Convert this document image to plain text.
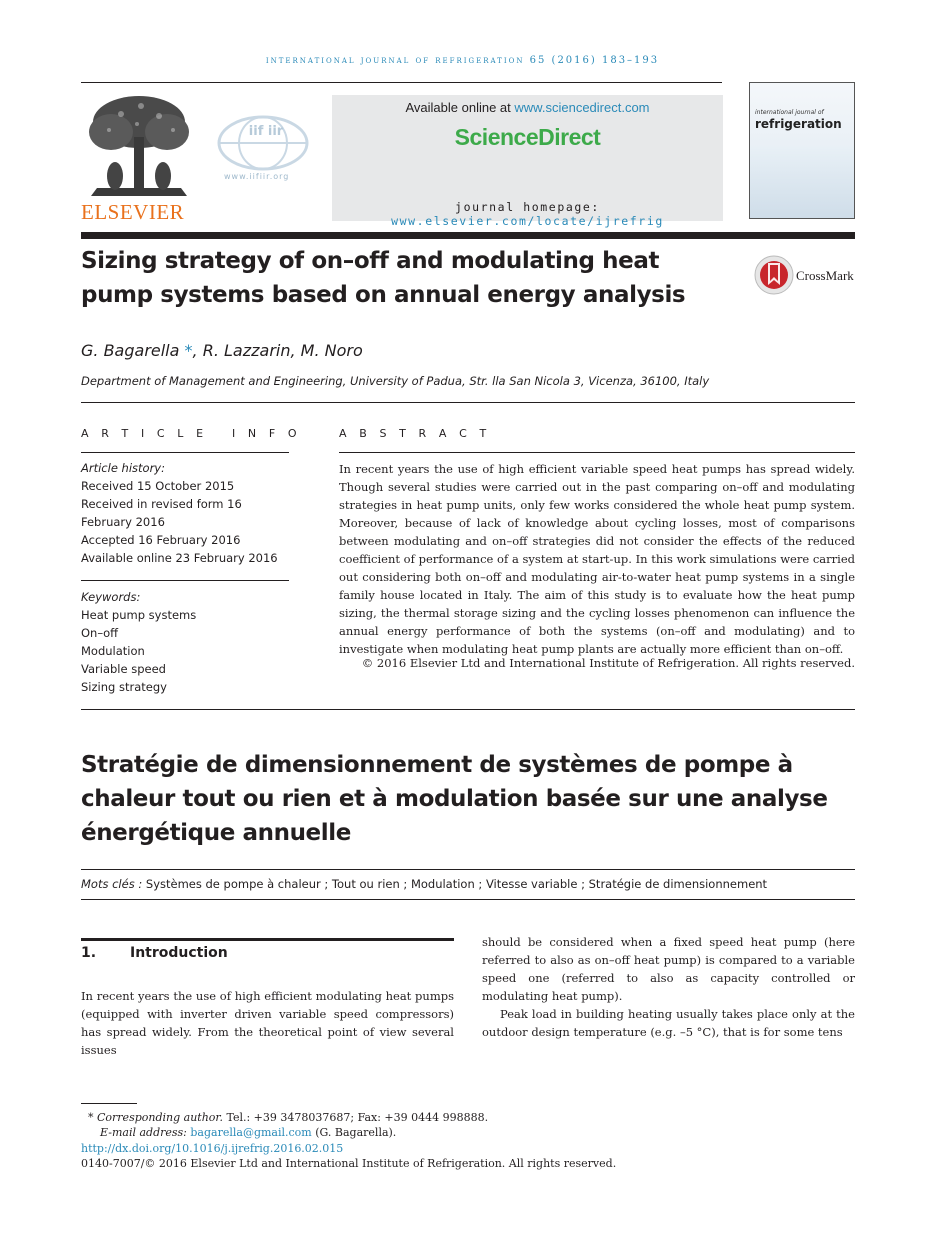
international journal of refrigeration 65 (2016) 183–193
ELSEVIER
iif iir
www.iifiir.org
Available online at www.sciencedirect.com
ScienceDirect
journal homepage: www.elsevier.com/locate/ijrefrig
international journal of
refrigeration
Sizing strategy of on–off and modulating heat pump systems based on annual energy analysis
CrossMark
G. Bagarella *, R. Lazzarin, M. Noro
Department of Management and Engineering, University of Padua, Str. lla San Nicola 3, Vicenza, 36100, Italy
A R T I C L E   I N F O
Article history:
Received 15 October 2015
Received in revised form 16
February 2016
Accepted 16 February 2016
Available online 23 February 2016
Keywords:
Heat pump systems
On–off
Modulation
Variable speed
Sizing strategy
A B S T R A C T
In recent years the use of high efficient variable speed heat pumps has spread widely. Though several studies were carried out in the past comparing on–off and modulating strategies in heat pump units, only few works considered the whole heat pump system. Moreover, because of lack of knowledge about cycling losses, most of comparisons between modulating and on–off strategies did not consider the effects of the reduced coefficient of performance of a system at start-up. In this work simulations were carried out considering both on–off and modulating air-to-water heat pump systems in a single family house located in Italy. The aim of this study is to evaluate how the heat pump sizing, the thermal storage sizing and the cycling losses phenomenon can influence the annual energy performance of both the systems (on–off and modulating) and to investigate when modulating heat pump plants are actually more efficient than on–off.
© 2016 Elsevier Ltd and International Institute of Refrigeration. All rights reserved.
Stratégie de dimensionnement de systèmes de pompe à chaleur tout ou rien et à modulation basée sur une analyse énergétique annuelle
Mots clés : Systèmes de pompe à chaleur ; Tout ou rien ; Modulation ; Vitesse variable ; Stratégie de dimensionnement
1. Introduction
In recent years the use of high efficient modulating heat pumps (equipped with inverter driven variable speed compressors) has spread widely. From the theoretical point of view several issues
should be considered when a fixed speed heat pump (here referred to also as on–off heat pump) is compared to a variable speed one (referred to also as capacity controlled or modulating heat pump).
Peak load in building heating usually takes place only at the outdoor design temperature (e.g. –5 °C), that is for some tens
* Corresponding author. Tel.: +39 3478037687; Fax: +39 0444 998888.
E-mail address: bagarella@gmail.com (G. Bagarella).
http://dx.doi.org/10.1016/j.ijrefrig.2016.02.015
0140-7007/© 2016 Elsevier Ltd and International Institute of Refrigeration. All rights reserved.
